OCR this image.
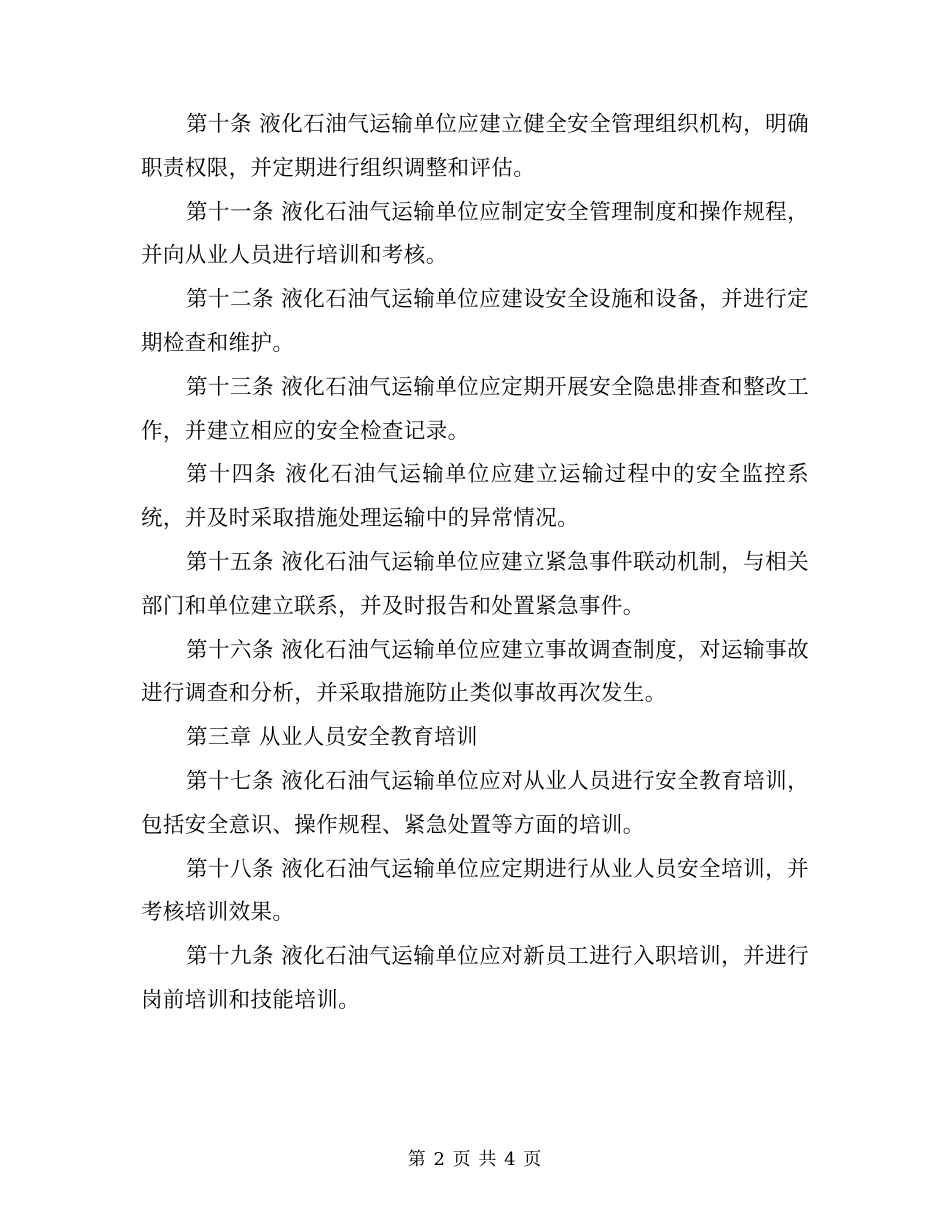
第十条 液化石油气运输单位应建立健全安全管理组织机构，明确职责权限，并定期进行组织调整和评估。

第十一条 液化石油气运输单位应制定安全管理制度和操作规程，并向从业人员进行培训和考核。

第十二条 液化石油气运输单位应建设安全设施和设备，并进行定期检查和维护。

第十三条 液化石油气运输单位应定期开展安全隐患排查和整改工作，并建立相应的安全检查记录。

第十四条 液化石油气运输单位应建立运输过程中的安全监控系统，并及时采取措施处理运输中的异常情况。

第十五条 液化石油气运输单位应建立紧急事件联动机制，与相关部门和单位建立联系，并及时报告和处置紧急事件。

第十六条 液化石油气运输单位应建立事故调查制度，对运输事故进行调查和分析，并采取措施防止类似事故再次发生。

第三章 从业人员安全教育培训

第十七条 液化石油气运输单位应对从业人员进行安全教育培训，包括安全意识、操作规程、紧急处置等方面的培训。

第十八条 液化石油气运输单位应定期进行从业人员安全培训，并考核培训效果。

第十九条 液化石油气运输单位应对新员工进行入职培训，并进行岗前培训和技能培训。

第 2 页 共 4 页
